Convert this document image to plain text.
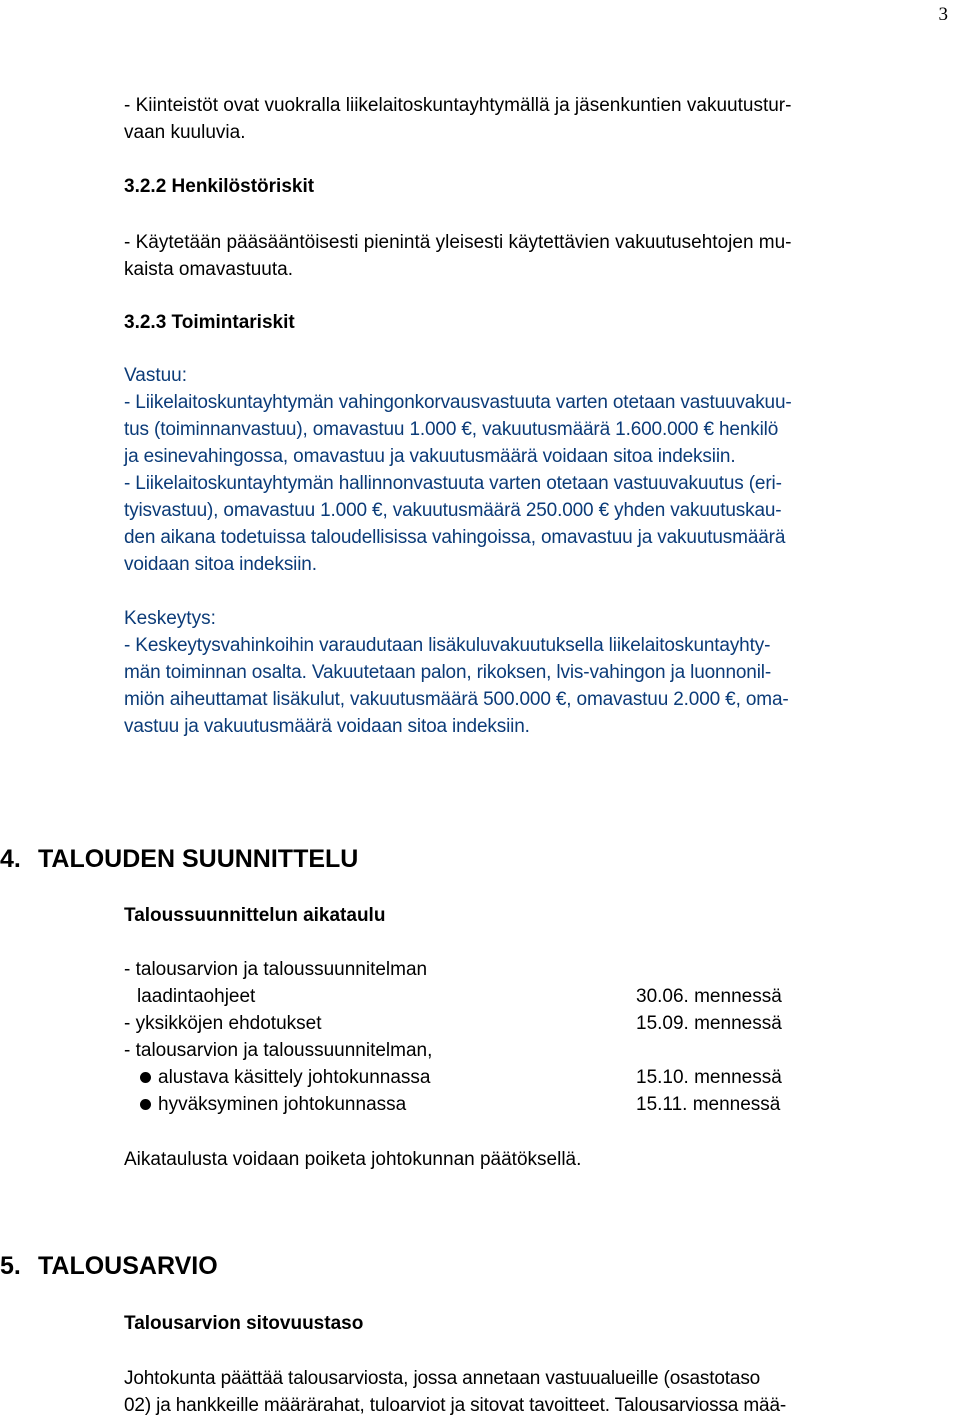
3

- Kiinteistöt ovat vuokralla liikelaitoskuntayhtymällä ja jäsenkuntien vakuutustur-

vaan kuuluvia.

3.2.2 Henkilöstöriskit

- Käytetään pääsääntöisesti pienintä yleisesti käytettävien vakuutusehtojen mu-

kaista omavastuuta.

3.2.3 Toimintariskit

Vastuu:

- Liikelaitoskuntayhtymän vahingonkorvausvastuuta varten otetaan vastuuvakuu-

tus (toiminnanvastuu), omavastuu 1.000 €, vakuutusmäärä 1.600.000 € henkilö

ja esinevahingossa, omavastuu ja vakuutusmäärä voidaan sitoa indeksiin.

- Liikelaitoskuntayhtymän hallinnonvastuuta varten otetaan vastuuvakuutus (eri-

tyisvastuu), omavastuu 1.000 €, vakuutusmäärä 250.000 € yhden vakuutuskau-

den aikana todetuissa taloudellisissa vahingoissa, omavastuu ja vakuutusmäärä

voidaan sitoa indeksiin.

Keskeytys:

- Keskeytysvahinkoihin varaudutaan lisäkuluvakuutuksella liikelaitoskuntayhty-

män toiminnan osalta. Vakuutetaan palon, rikoksen, lvis-vahingon ja luonnonil-

miön aiheuttamat lisäkulut, vakuutusmäärä 500.000 €, omavastuu 2.000 €, oma-

vastuu ja vakuutusmäärä voidaan sitoa indeksiin.

4. TALOUDEN SUUNNITTELU

Taloussuunnittelun aikataulu

- talousarvion ja taloussuunnitelman
laadintaohjeet	30.06. mennessä
- yksikköjen ehdotukset	15.09. mennessä
- talousarvion ja taloussuunnitelman,
alustava käsittely johtokunnassa	15.10. mennessä
hyväksyminen johtokunnassa	15.11. mennessä

Aikataulusta voidaan poiketa johtokunnan päätöksellä.

5. TALOUSARVIO

Talousarvion sitovuustaso

Johtokunta päättää talousarviosta, jossa annetaan vastuualueille (osastotaso

02) ja hankkeille määrärahat, tuloarviot ja sitovat tavoitteet. Talousarviossa mää-
